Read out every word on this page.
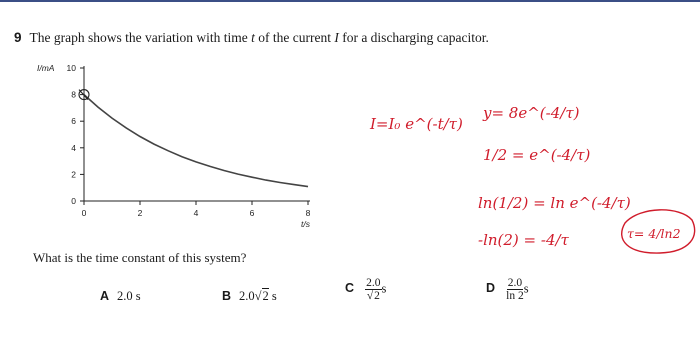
9 The graph shows the variation with time t of the current I for a discharging capacitor.
0	2	4	6	8
0
2
4
6
8
10
I/mA
t/s
What is the time constant of this system?
A 2.0 s	B 2.0√2 s
C $\frac{2.0}{√2}$ s	D $\frac{2.0}{\ln 2}$ s
I=I₀ e^(-t/τ)
y= 8e^(-4/τ)
1/2 = e^(-4/τ)
ln(1/2) = ln e^(-4/τ)
-ln(2) = -4/τ	τ= 4/ln2
